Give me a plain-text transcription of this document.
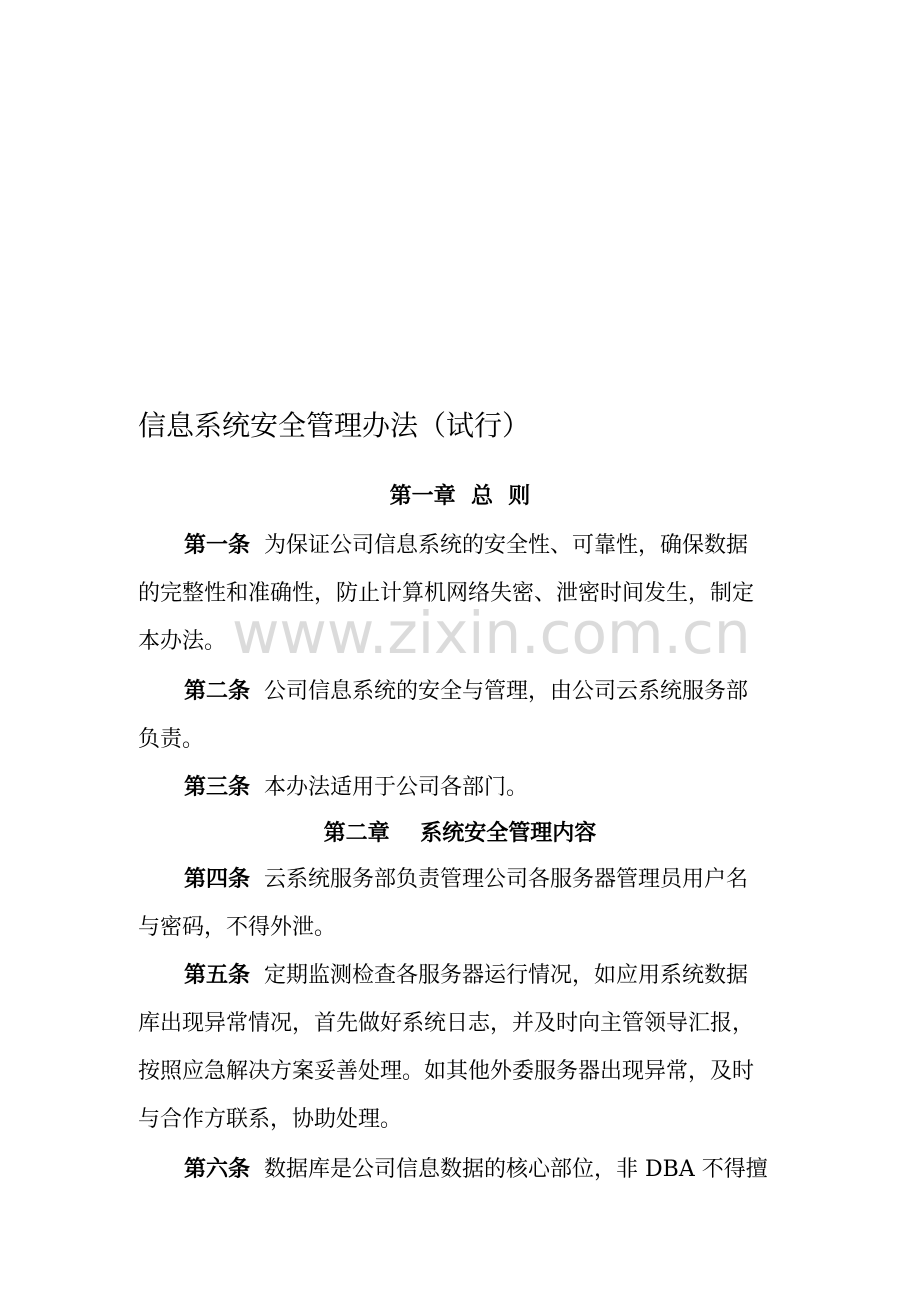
信息系统安全管理办法（试行）
第一章  总  则
第一条 为保证公司信息系统的安全性、可靠性，确保数据
的完整性和准确性，防止计算机网络失密、泄密时间发生，制定
本办法。
第二条 公司信息系统的安全与管理，由公司云系统服务部
负责。
第三条 本办法适用于公司各部门。
第二章    系统安全管理内容
第四条 云系统服务部负责管理公司各服务器管理员用户名
与密码，不得外泄。
第五条 定期监测检查各服务器运行情况，如应用系统数据
库出现异常情况，首先做好系统日志，并及时向主管领导汇报，
按照应急解决方案妥善处理。如其他外委服务器出现异常，及时
与合作方联系，协助处理。
第六条 数据库是公司信息数据的核心部位，非 DBA 不得擅
www.zixin.com.cn
